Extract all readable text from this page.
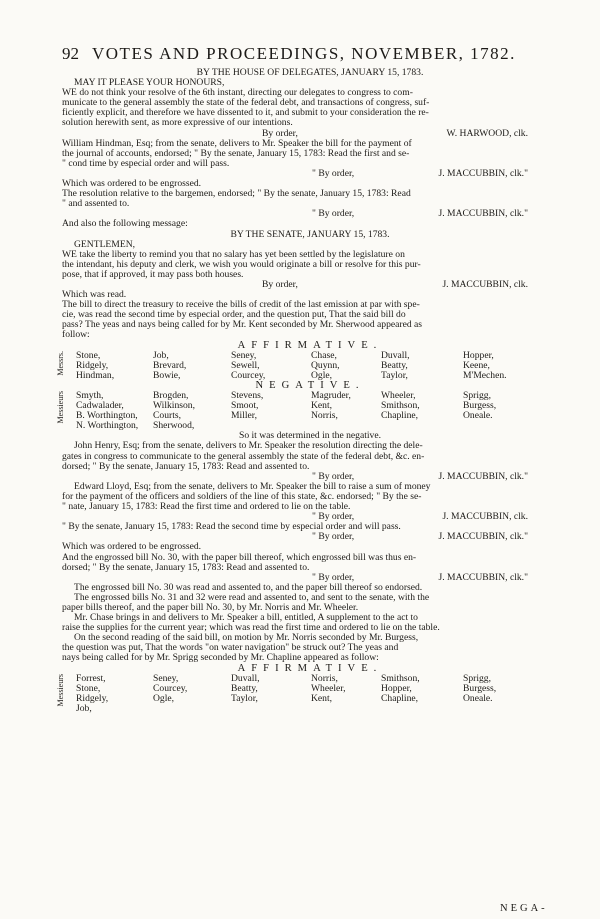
92 VOTES AND PROCEEDINGS, NOVEMBER, 1782.
BY THE HOUSE OF DELEGATES, JANUARY 15, 1783.
MAY IT PLEASE YOUR HONOURS,
WE do not think your resolve of the 6th instant, directing our delegates to congress to com-
municate to the general assembly the state of the federal debt, and transactions of congress, suf-
ficiently explicit, and therefore we have dissented to it, and submit to your consideration the re-
solution herewith sent, as more expressive of our intentions.
By order,	W. HARWOOD, clk.
William Hindman, Esq; from the senate, delivers to Mr. Speaker the bill for the payment of
the journal of accounts, endorsed; " By the senate, January 15, 1783: Read the first and se-
" cond time by especial order and will pass.
" By order,	J. MACCUBBIN, clk."
Which was ordered to be engrossed.
The resolution relative to the bargemen, endorsed; " By the senate, January 15, 1783: Read
" and assented to.
" By order,	J. MACCUBBIN, clk."
And also the following message:
BY THE SENATE, JANUARY 15, 1783.
GENTLEMEN,
WE take the liberty to remind you that no salary has yet been settled by the legislature on
the intendant, his deputy and clerk, we wish you would originate a bill or resolve for this pur-
pose, that if approved, it may pass both houses.
By order,	J. MACCUBBIN, clk.
Which was read.
The bill to direct the treasury to receive the bills of credit of the last emission at par with spe-
cie, was read the second time by especial order, and the question put, That the said bill do
pass? The yeas and nays being called for by Mr. Kent seconded by Mr. Sherwood appeared as
follow:
AFFIRMATIVE.
Messrs. Stone,	Job,	Seney,	Chase,	Duvall,	Hopper,
Ridgely,	Brevard,	Sewell,	Quynn,	Beatty,	Keene,
Hindman,	Bowie,	Courcey,	Ogle,	Taylor,	M'Mechen.
NEGATIVE.
Messieurs Smyth,	Brogden,	Stevens,	Magruder,	Wheeler,	Sprigg,
Cadwalader,	Wilkinson,	Smoot,	Kent,	Smithson,	Burgess,
B. Worthington,	Courts,	Miller,	Norris,	Chapline,	Oneale.
N. Worthington,	Sherwood,
So it was determined in the negative.
John Henry, Esq; from the senate, delivers to Mr. Speaker the resolution directing the dele-
gates in congress to communicate to the general assembly the state of the federal debt, &c. en-
dorsed; " By the senate, January 15, 1783: Read and assented to.
" By order,	J. MACCUBBIN, clk."
Edward Lloyd, Esq; from the senate, delivers to Mr. Speaker the bill to raise a sum of money
for the payment of the officers and soldiers of the line of this state, &c. endorsed; " By the se-
" nate, January 15, 1783: Read the first time and ordered to lie on the table.
" By order,	J. MACCUBBIN, clk.
" By the senate, January 15, 1783: Read the second time by especial order and will pass.
" By order,	J. MACCUBBIN, clk."
Which was ordered to be engrossed.
And the engrossed bill No. 30, with the paper bill thereof, which engrossed bill was thus en-
dorsed; " By the senate, January 15, 1783: Read and assented to.
" By order,	J. MACCUBBIN, clk."
The engrossed bill No. 30 was read and assented to, and the paper bill thereof so endorsed.
The engrossed bills No. 31 and 32 were read and assented to, and sent to the senate, with the
paper bills thereof, and the paper bill No. 30, by Mr. Norris and Mr. Wheeler.
Mr. Chase brings in and delivers to Mr. Speaker a bill, entitled, A supplement to the act to
raise the supplies for the current year; which was read the first time and ordered to lie on the table.
On the second reading of the said bill, on motion by Mr. Norris seconded by Mr. Burgess,
the question was put, That the words "on water navigation" be struck out? The yeas and
nays being called for by Mr. Sprigg seconded by Mr. Chapline appeared as follow:
AFFIRMATIVE.
Messieurs Forrest,	Seney,	Duvall,	Norris,	Smithson,	Sprigg,
Stone,	Courcey,	Beatty,	Wheeler,	Hopper,	Burgess,
Ridgely,	Ogle,	Taylor,	Kent,	Chapline,	Oneale.
Job,
NEGA-
